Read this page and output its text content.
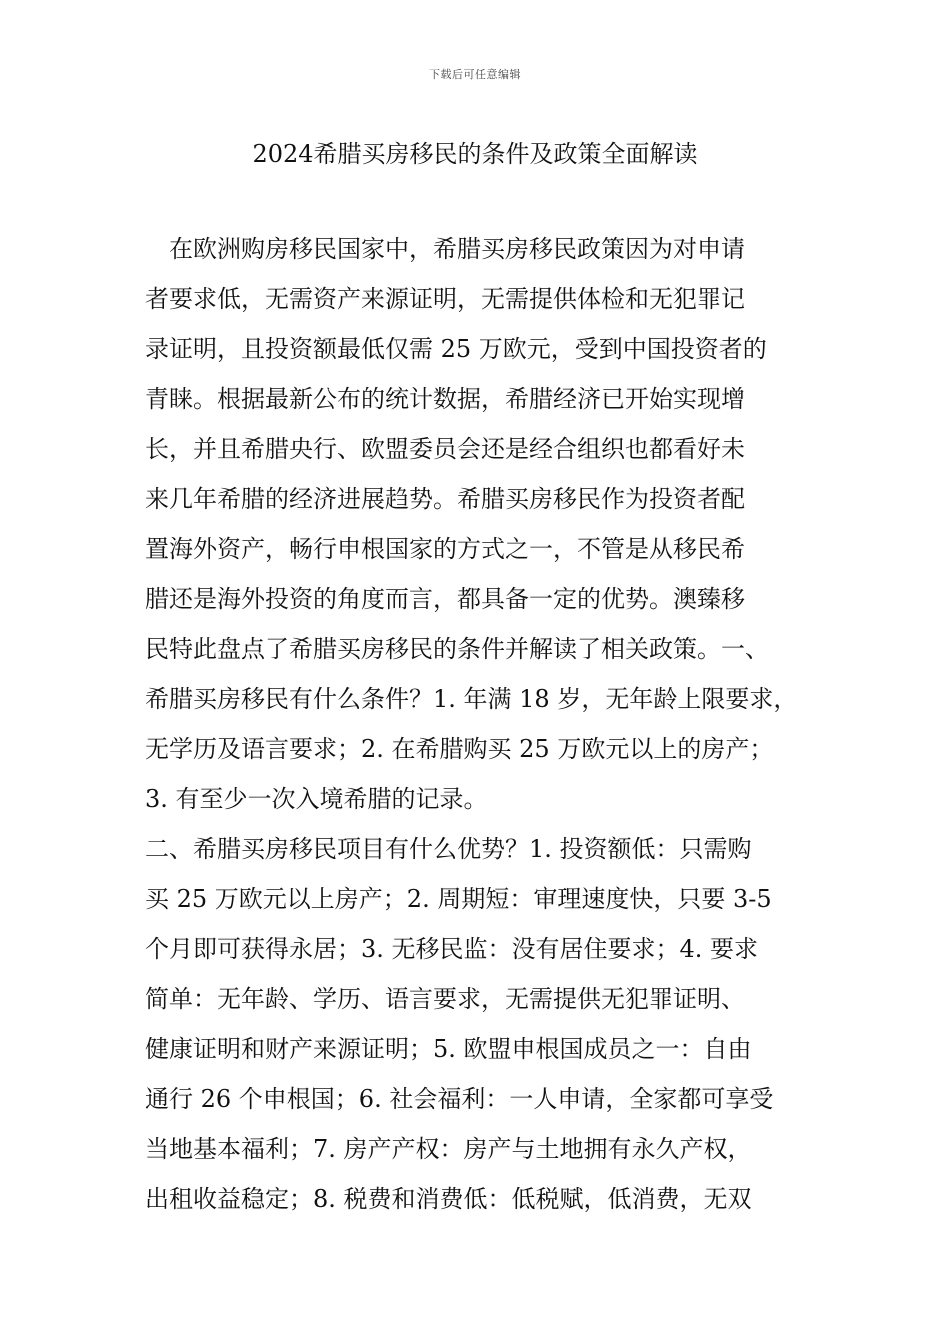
下载后可任意编辑
2024希腊买房移民的条件及政策全面解读
在欧洲购房移民国家中，希腊买房移民政策因为对申请
者要求低，无需资产来源证明，无需提供体检和无犯罪记
录证明，且投资额最低仅需 25 万欧元，受到中国投资者的
青睐。根据最新公布的统计数据，希腊经济已开始实现增
长，并且希腊央行、欧盟委员会还是经合组织也都看好未
来几年希腊的经济进展趋势。希腊买房移民作为投资者配
置海外资产，畅行申根国家的方式之一，不管是从移民希
腊还是海外投资的角度而言，都具备一定的优势。澳臻移
民特此盘点了希腊买房移民的条件并解读了相关政策。一、
希腊买房移民有什么条件？1. 年满 18 岁，无年龄上限要求，
无学历及语言要求；2. 在希腊购买 25 万欧元以上的房产；
3. 有至少一次入境希腊的记录。
二、希腊买房移民项目有什么优势？1. 投资额低：只需购
买 25 万欧元以上房产；2. 周期短：审理速度快，只要 3-5
个月即可获得永居；3. 无移民监：没有居住要求；4. 要求
简单：无年龄、学历、语言要求，无需提供无犯罪证明、
健康证明和财产来源证明；5. 欧盟申根国成员之一：自由
通行 26 个申根国；6. 社会福利：一人申请，全家都可享受
当地基本福利；7. 房产产权：房产与土地拥有永久产权，
出租收益稳定；8. 税费和消费低：低税赋，低消费，无双
